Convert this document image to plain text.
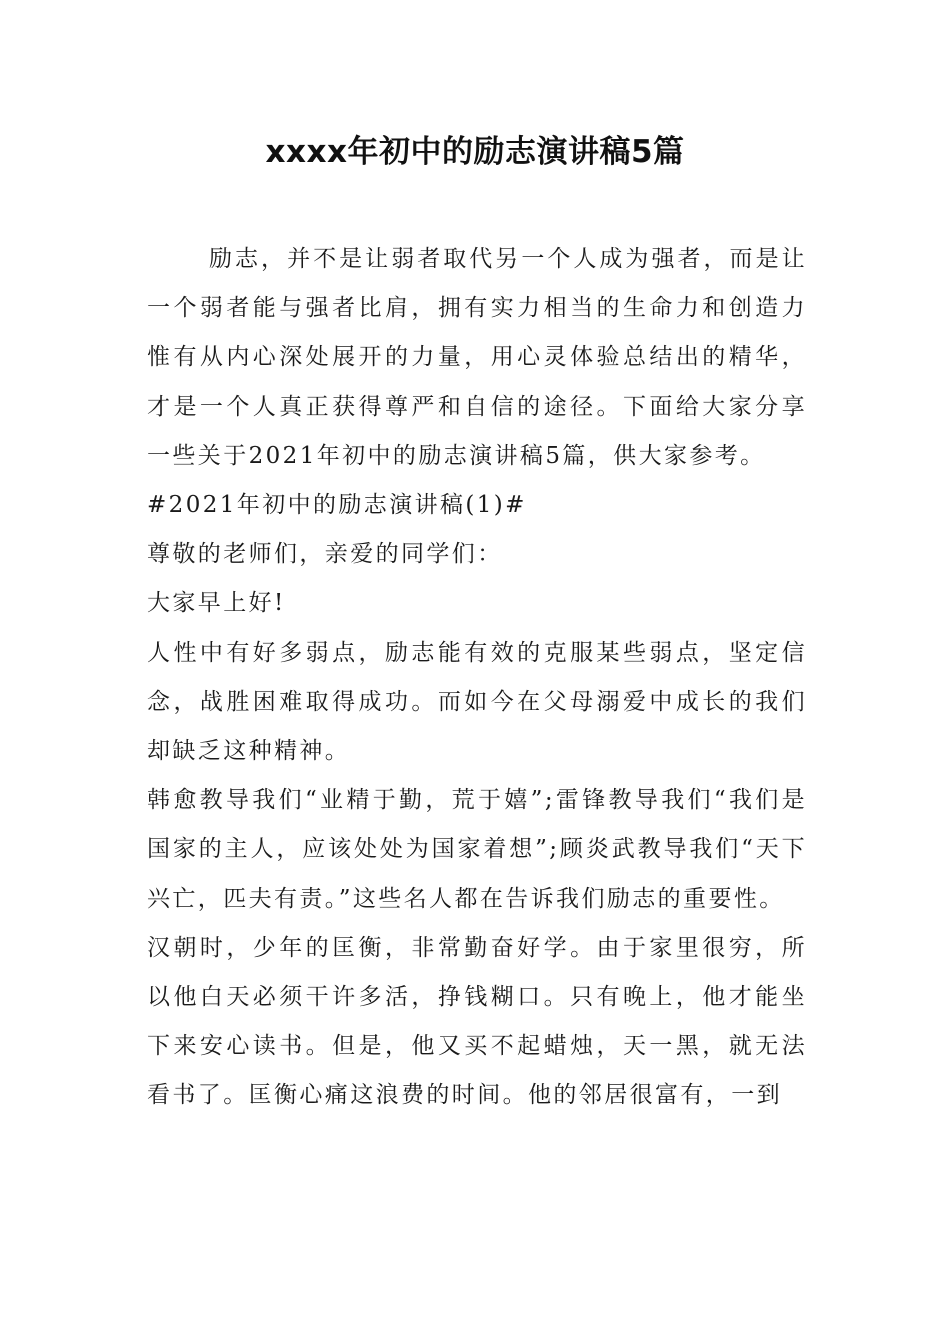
xxxx年初中的励志演讲稿5篇

励志，并不是让弱者取代另一个人成为强者，而是让一个弱者能与强者比肩，拥有实力相当的生命力和创造力惟有从内心深处展开的力量，用心灵体验总结出的精华，才是一个人真正获得尊严和自信的途径。下面给大家分享一些关于2021年初中的励志演讲稿5篇，供大家参考。

#2021年初中的励志演讲稿(1)#

尊敬的老师们，亲爱的同学们：

大家早上好!

人性中有好多弱点，励志能有效的克服某些弱点，坚定信念，战胜困难取得成功。而如今在父母溺爱中成长的我们却缺乏这种精神。

韩愈教导我们“业精于勤，荒于嬉”;雷锋教导我们“我们是国家的主人，应该处处为国家着想”;顾炎武教导我们“天下兴亡，匹夫有责。”这些名人都在告诉我们励志的重要性。

汉朝时，少年的匡衡，非常勤奋好学。由于家里很穷，所以他白天必须干许多活，挣钱糊口。只有晚上，他才能坐下来安心读书。但是，他又买不起蜡烛，天一黑，就无法看书了。匡衡心痛这浪费的时间。他的邻居很富有，一到
